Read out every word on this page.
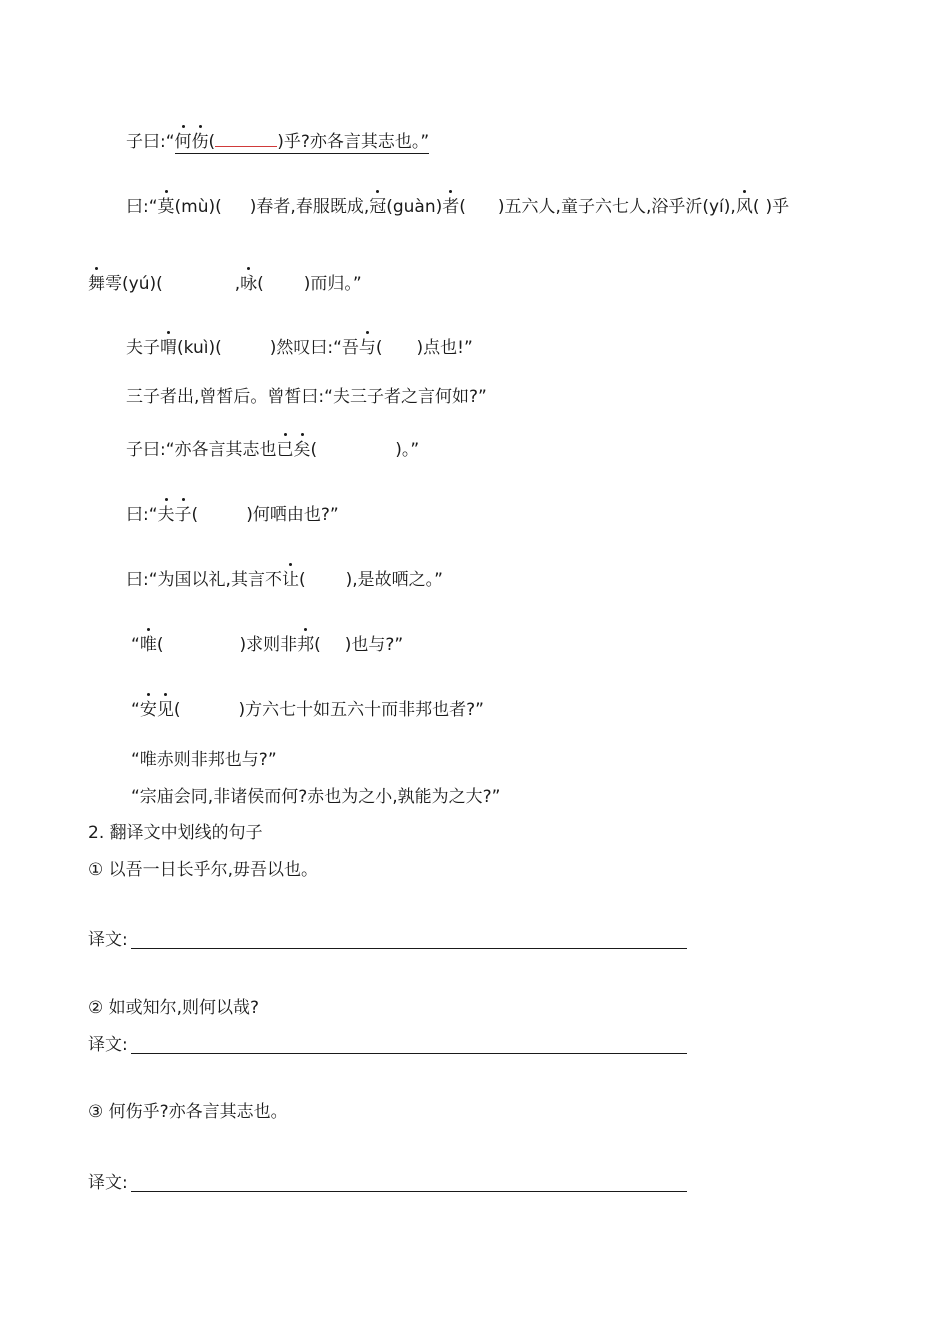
子曰:“何伤(	)乎?亦各言其志也。”
曰:“莫(mù)( )春者,春服既成,冠(guàn)者( )五六人,童子六七人,浴乎沂(yí),风( )乎
舞雩(yú)(	,咏( )而归。”
夫子喟(kuì)(	)然叹曰:“吾与( )点也!”
三子者出,曾皙后。曾皙曰:“夫三子者之言何如?”
子曰:“亦各言其志也已矣(	)。”
曰:“夫子(	)何哂由也?”
曰:“为国以礼,其言不让( ),是故哂之。”
“唯(	)求则非邦( )也与?”
“安见(	)方六七十如五六十而非邦也者?”
“唯赤则非邦也与?”
“宗庙会同,非诸侯而何?赤也为之小,孰能为之大?”
2. 翻译文中划线的句子
① 以吾一日长乎尔,毋吾以也。
译文:
② 如或知尔,则何以哉?
译文:
③ 何伤乎?亦各言其志也。
译文:
